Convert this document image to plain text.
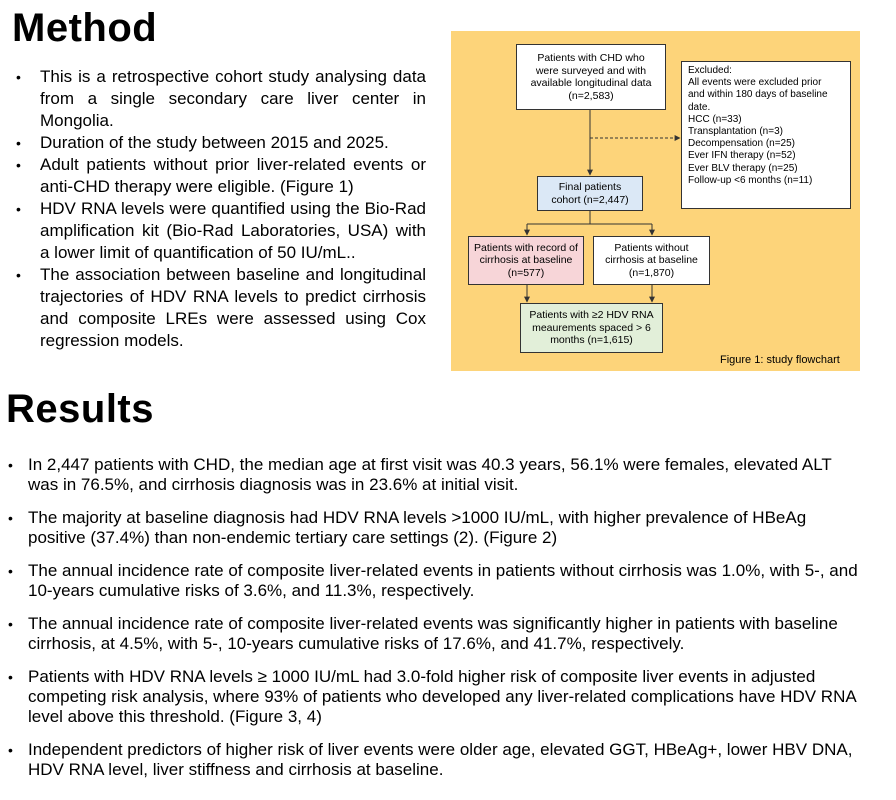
Method
• This is a retrospective cohort study analysing data from a single secondary care liver center in Mongolia.
• Duration of the study between 2015 and 2025.
• Adult patients without prior liver-related events or anti-CHD therapy were eligible. (Figure 1)
• HDV RNA levels were quantified using the Bio-Rad amplification kit (Bio-Rad Laboratories, USA) with a lower limit of quantification of 50 IU/mL..
• The association between baseline and longitudinal trajectories of HDV RNA levels to predict cirrhosis and composite LREs were assessed using Cox regression models.
Patients with CHD who
were surveyed and with
available longitudinal data
(n=2,583)
Excluded:
All events were excluded prior
and within 180 days of baseline
date.
HCC (n=33)
Transplantation (n=3)
Decompensation (n=25)
Ever IFN therapy (n=52)
Ever BLV therapy (n=25)
Follow-up <6 months (n=11)
Final patients
cohort (n=2,447)
Patients with record of
cirrhosis at baseline
(n=577)
Patients without
cirrhosis at baseline
(n=1,870)
Patients with ≥2 HDV RNA
meaurements spaced > 6
months (n=1,615)
Figure 1: study flowchart
Results
• In 2,447 patients with CHD, the median age at first visit was 40.3 years, 56.1% were females, elevated ALT was in 76.5%, and cirrhosis diagnosis was in 23.6% at initial visit.
• The majority at baseline diagnosis had HDV RNA levels >1000 IU/mL, with higher prevalence of HBeAg positive (37.4%) than non-endemic tertiary care settings (2). (Figure 2)
• The annual incidence rate of composite liver-related events in patients without cirrhosis was 1.0%, with 5-, and 10-years cumulative risks of 3.6%, and 11.3%, respectively.
• The annual incidence rate of composite liver-related events was significantly higher in patients with baseline cirrhosis, at 4.5%, with 5-, 10-years cumulative risks of 17.6%, and 41.7%, respectively.
• Patients with HDV RNA levels ≥ 1000 IU/mL had 3.0-fold higher risk of composite liver events in adjusted competing risk analysis, where 93% of patients who developed any liver-related complications have HDV RNA level above this threshold. (Figure 3, 4)
• Independent predictors of higher risk of liver events were older age, elevated GGT, HBeAg+, lower HBV DNA, HDV RNA level, liver stiffness and cirrhosis at baseline.
